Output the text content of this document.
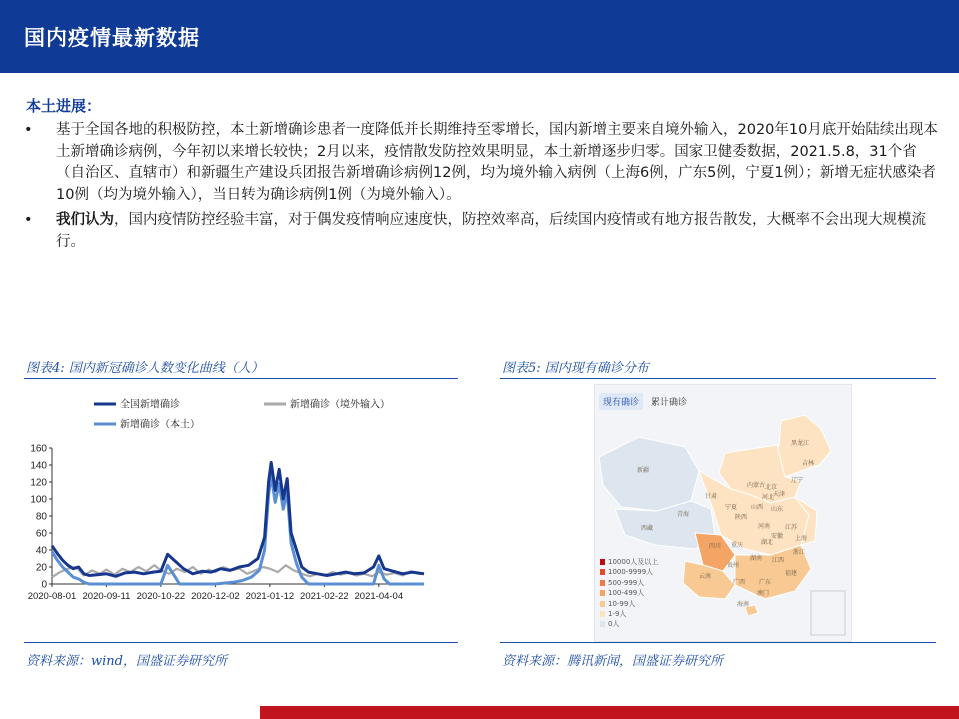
国内疫情最新数据
本土进展：
• 基于全国各地的积极防控，本土新增确诊患者一度降低并长期维持至零增长，国内新增主要来自境外输入，2020年10月底开始陆续出现本土新增确诊病例，今年初以来增长较快；2月以来，疫情散发防控效果明显，本土新增逐步归零。国家卫健委数据，2021.5.8，31个省（自治区、直辖市）和新疆生产建设兵团报告新增确诊病例12例，均为境外输入病例（上海6例，广东5例，宁夏1例）；新增无症状感染者10例（均为境外输入），当日转为确诊病例1例（为境外输入）。
• 我们认为，国内疫情防控经验丰富，对于偶发疫情响应速度快，防控效率高，后续国内疫情或有地方报告散发，大概率不会出现大规模流行。
图表4: 国内新冠确诊人数变化曲线（人）	图表5: 国内现有确诊分布
0
20
40
60
80
100
120
140
160
2020-08-01 2020-09-11 2020-10-22 2020-12-02 2021-01-12 2021-02-22 2021-04-04
全国新增确诊	新增确诊（境外输入）
新增确诊（本土）
现有确诊	累计确诊
黑龙江
吉林
辽宁
内蒙古 北京
天津
河北
山西 山东
新疆
甘肃
青海
宁夏
陕西
河南 江苏
安徽 上海
西藏
四川 重庆	湖北
浙江
贵州
湖南 江西
福建
云南
广西 广东
澳门
海南
10000人及以上
1000-9999人
500-999人
100-499人
10-99人
1-9人
0人
资料来源：wind，国盛证券研究所	资料来源：腾讯新闻，国盛证券研究所
